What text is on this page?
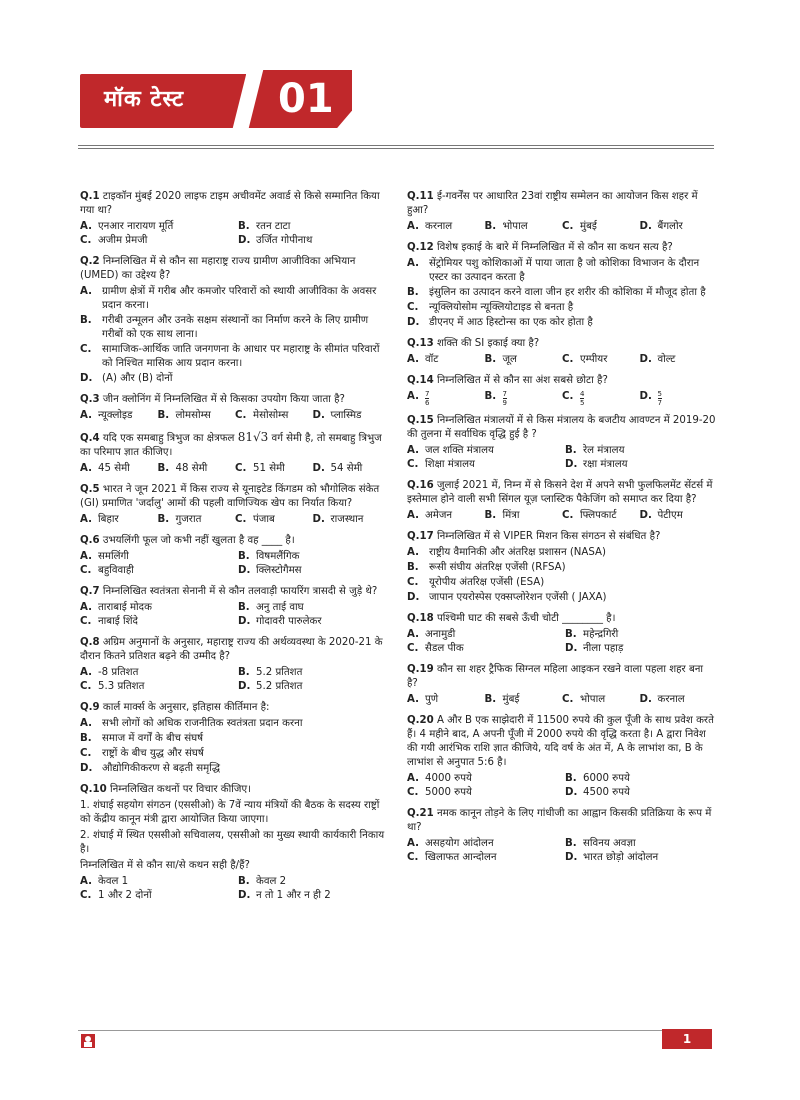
मॉक टेस्ट 01
Q.1 टाइकॉन मुंबई 2020 लाइफ टाइम अचीवमेंट अवार्ड से किसे सम्मानित किया गया था?
A. एनआर नारायण मूर्ति	B. रतन टाटा
C. अजीम प्रेमजी	D. उर्जित गोपीनाथ
Q.2 निम्नलिखित में से कौन सा महाराष्ट्र राज्य ग्रामीण आजीविका अभियान (UMED) का उद्देश्य है?
A. ग्रामीण क्षेत्रों में गरीब और कमजोर परिवारों को स्थायी आजीविका के अवसर प्रदान करना।
B.	गरीबी उन्मूलन और उनके सक्षम संस्थानों का निर्माण करने के लिए ग्रामीण गरीबों को एक साथ लाना।
C.	सामाजिक-आर्थिक जाति जनगणना के आधार पर महाराष्ट्र के सीमांत परिवारों को निश्चित मासिक आय प्रदान करना।
D. (A) और (B) दोनों
Q.3 जीन क्लोनिंग में निम्नलिखित में से किसका उपयोग किया जाता है?
A. न्यूक्लोइड B. लोमसोम्स C. मेसोसोम्स D. प्लास्मिड
Q.4 यदि एक समबाहु त्रिभुज का क्षेत्रफल 81√3 वर्ग सेमी है, तो समबाहु त्रिभुज का परिमाप ज्ञात कीजिए।
A. 45 सेमी	B. 48 सेमी	C. 51 सेमी	D. 54 सेमी
Q.5 भारत ने जून 2021 में किस राज्य से यूनाइटेड किंगडम को भौगोलिक संकेत (GI) प्रमाणित 'जर्दालु' आमों की पहली वाणिज्यिक खेप का निर्यात किया?
A. बिहार	B. गुजरात	C. पंजाब	D. राजस्थान
Q.6 उभयलिंगी फूल जो कभी नहीं खुलता है वह ____ है।
A. समलिंगी	B. विषमलैंगिक
C. बहुविवाही	D. क्लिस्टोगैमस
Q.7 निम्नलिखित स्वतंत्रता सेनानी में से कौन तलवाड़ी फायरिंग त्रासदी से जुड़े थे?
A. ताराबाई मोदक	B. अनु ताई वाघ
C. नाबाई शिंदे	D. गोदावरी पारुलेकर
Q.8 अग्रिम अनुमानों के अनुसार, महाराष्ट्र राज्य की अर्थव्यवस्था के 2020-21 के दौरान कितने प्रतिशत बढ़ने की उम्मीद है?
A. -8 प्रतिशत	B. 5.2 प्रतिशत
C. 5.3 प्रतिशत	D. 5.2 प्रतिशत
Q.9 कार्ल मार्क्स के अनुसार, इतिहास कीर्तिमान है:
A. सभी लोगों को अधिक राजनीतिक स्वतंत्रता प्रदान करना
B.	समाज में वर्गों के बीच संघर्ष
C.	राष्ट्रों के बीच युद्ध और संघर्ष
D. औद्योगिकीकरण से बढ़ती समृद्धि
Q.10 निम्नलिखित कथनों पर विचार कीजिए।
1. शंघाई सहयोग संगठन (एससीओ) के 7वें न्याय मंत्रियों की बैठक के सदस्य राष्ट्रों को केंद्रीय कानून मंत्री द्वारा आयोजित किया जाएगा।
2. शंघाई में स्थित एससीओ सचिवालय, एससीओ का मुख्य स्थायी कार्यकारी निकाय है।
निम्नलिखित में से कौन सा/से कथन सही है/हैं?
A. केवल 1	B. केवल 2
C. 1 और 2 दोनों	D. न तो 1 और न ही 2
Q.11 ई-गवर्नेंस पर आधारित 23वां राष्ट्रीय सम्मेलन का आयोजन किस शहर में हुआ?
A. करनाल	B. भोपाल	C. मुंबई	D. बैंगलोर
Q.12 विशेष इकाई के बारे में निम्नलिखित में से कौन सा कथन सत्य है?
A. सेंट्रोमियर पशु कोशिकाओं में पाया जाता है जो कोशिका विभाजन के दौरान एस्टर का उत्पादन करता है
B.	इंसुलिन का उत्पादन करने वाला जीन हर शरीर की कोशिका में मौजूद होता है
C.	न्यूक्लियोसोम न्यूक्लियोटाइड से बनता है
D. डीएनए में आठ हिस्टोन्स का एक कोर होता है
Q.13 शक्ति की SI इकाई क्या है?
A. वॉट	B. जूल	C. एम्पीयर	D. वोल्ट
Q.14 निम्नलिखित में से कौन सा अंश सबसे छोटा है?
A. $\frac{7}{6}$	B. $\frac{7}{9}$	C. $\frac{4}{5}$	D. $\frac{5}{7}$
Q.15 निम्नलिखित मंत्रालयों में से किस मंत्रालय के बजटीय आवण्टन में 2019-20 की तुलना में सर्वाधिक वृद्धि हुई है ?
A. जल शक्ति मंत्रालय	B. रेल मंत्रालय
C. शिक्षा मंत्रालय	D. रक्षा मंत्रालय
Q.16 जुलाई 2021 में, निम्न में से किसने देश में अपने सभी फुलफिलमेंट सेंटर्स में इस्तेमाल होने वाली सभी सिंगल यूज़ प्लास्टिक पैकेजिंग को समाप्त कर दिया है?
A. अमेजन	B. मिंत्रा	C. फ्लिपकार्ट D. पेटीएम
Q.17 निम्नलिखित में से VIPER मिशन किस संगठन से संबंधित है?
A. राष्ट्रीय वैमानिकी और अंतरिक्ष प्रशासन (NASA)
B.	रूसी संघीय अंतरिक्ष एजेंसी (RFSA)
C.	यूरोपीय अंतरिक्ष एजेंसी (ESA)
D. जापान एयरोस्पेस एक्सप्लोरेशन एजेंसी ( JAXA)
Q.18 पश्चिमी घाट की सबसे ऊँची चोटी ________ है।
A. अनामुडी	B. महेन्द्रगिरी
C. सैडल पीक	D. नीला पहाड़
Q.19 कौन सा शहर ट्रैफिक सिग्नल महिला आइकन रखने वाला पहला शहर बना है?
A. पुणे	B. मुंबई	C. भोपाल	D. करनाल
Q.20 A और B एक साझेदारी में 11500 रुपये की कुल पूँजी के साथ प्रवेश करते हैं। 4 महीने बाद, A अपनी पूँजी में 2000 रुपये की वृद्धि करता है। A द्वारा निवेश की गयी आरंभिक राशि ज्ञात कीजिये, यदि वर्ष के अंत में, A के लाभांश का, B के लाभांश से अनुपात 5:6 है।
A. 4000 रुपये	B. 6000 रुपये
C. 5000 रुपये	D. 4500 रुपये
Q.21 नमक कानून तोड़ने के लिए गांधीजी का आह्वान किसकी प्रतिक्रिया के रूप में था?
A. असहयोग आंदोलन	B. सविनय अवज्ञा
C. खिलाफत आन्दोलन	D. भारत छोड़ो आंदोलन
1
